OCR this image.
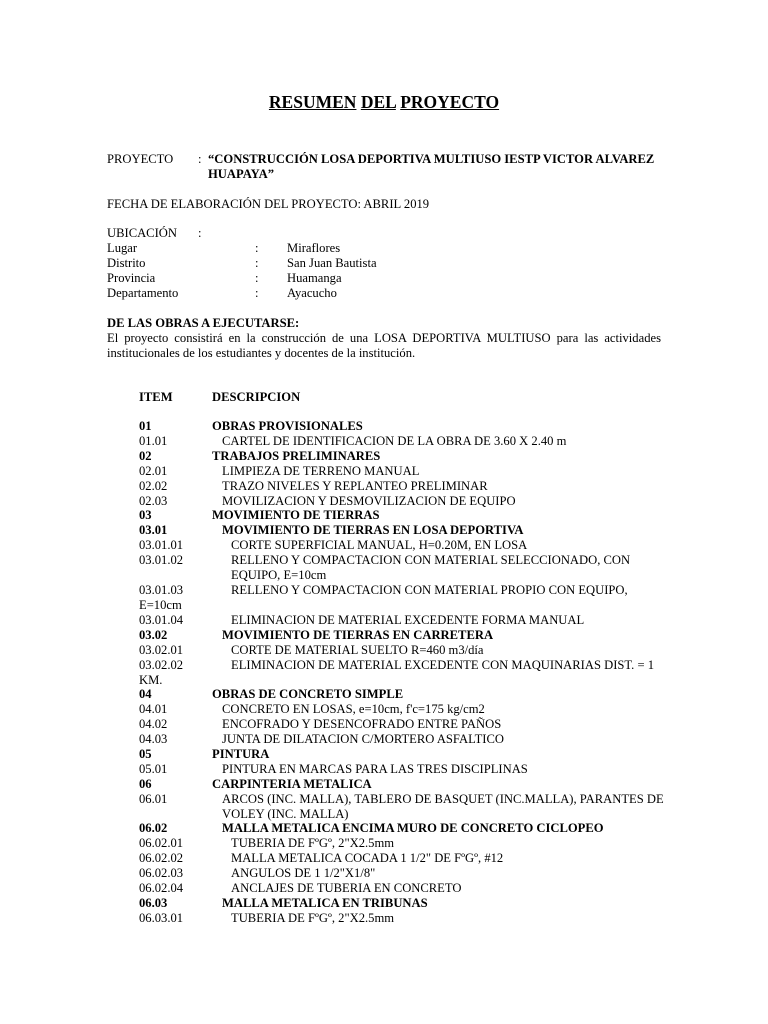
RESUMEN DEL PROYECTO
PROYECTO : “CONSTRUCCIÓN LOSA DEPORTIVA MULTIUSO IESTP VICTOR ALVAREZ HUAPAYA”
FECHA DE ELABORACIÓN DEL PROYECTO: ABRIL 2019
UBICACIÓN :
Lugar	: Miraflores
Distrito	: San Juan Bautista
Provincia	: Huamanga
Departamento	: Ayacucho
DE LAS OBRAS A EJECUTARSE:
El proyecto consistirá en la construcción de una LOSA DEPORTIVA MULTIUSO para las actividades institucionales de los estudiantes y docentes de la institución.
ITEM	DESCRIPCION
01	OBRAS PROVISIONALES
01.01	CARTEL DE IDENTIFICACION DE LA OBRA DE 3.60 X 2.40 m
02	TRABAJOS PRELIMINARES
02.01	LIMPIEZA DE TERRENO MANUAL
02.02	TRAZO NIVELES Y REPLANTEO PRELIMINAR
02.03	MOVILIZACION Y DESMOVILIZACION DE EQUIPO
03	MOVIMIENTO DE TIERRAS
03.01	MOVIMIENTO DE TIERRAS EN LOSA DEPORTIVA
03.01.01	CORTE SUPERFICIAL MANUAL, H=0.20M, EN LOSA
03.01.02	RELLENO Y COMPACTACION CON MATERIAL SELECCIONADO, CON EQUIPO, E=10cm
03.01.03	RELLENO Y COMPACTACION CON MATERIAL PROPIO CON EQUIPO,
E=10cm
03.01.04	ELIMINACION DE MATERIAL EXCEDENTE FORMA MANUAL
03.02	MOVIMIENTO DE TIERRAS EN CARRETERA
03.02.01	CORTE DE MATERIAL SUELTO R=460 m3/día
03.02.02	ELIMINACION DE MATERIAL EXCEDENTE CON MAQUINARIAS DIST. = 1
KM.
04	OBRAS DE CONCRETO SIMPLE
04.01	CONCRETO EN LOSAS, e=10cm, f'c=175 kg/cm2
04.02	ENCOFRADO Y DESENCOFRADO ENTRE PAÑOS
04.03	JUNTA DE DILATACION C/MORTERO ASFALTICO
05	PINTURA
05.01	PINTURA EN MARCAS PARA LAS TRES DISCIPLINAS
06	CARPINTERIA METALICA
06.01	ARCOS (INC. MALLA), TABLERO DE BASQUET (INC.MALLA), PARANTES DE VOLEY (INC. MALLA)
06.02	MALLA METALICA ENCIMA MURO DE CONCRETO CICLOPEO
06.02.01	TUBERIA DE FºGº, 2"X2.5mm
06.02.02	MALLA METALICA COCADA 1 1/2" DE FºGº, #12
06.02.03	ANGULOS DE 1 1/2"X1/8"
06.02.04	ANCLAJES DE TUBERIA EN CONCRETO
06.03	MALLA METALICA EN TRIBUNAS
06.03.01	TUBERIA DE FºGº, 2"X2.5mm
